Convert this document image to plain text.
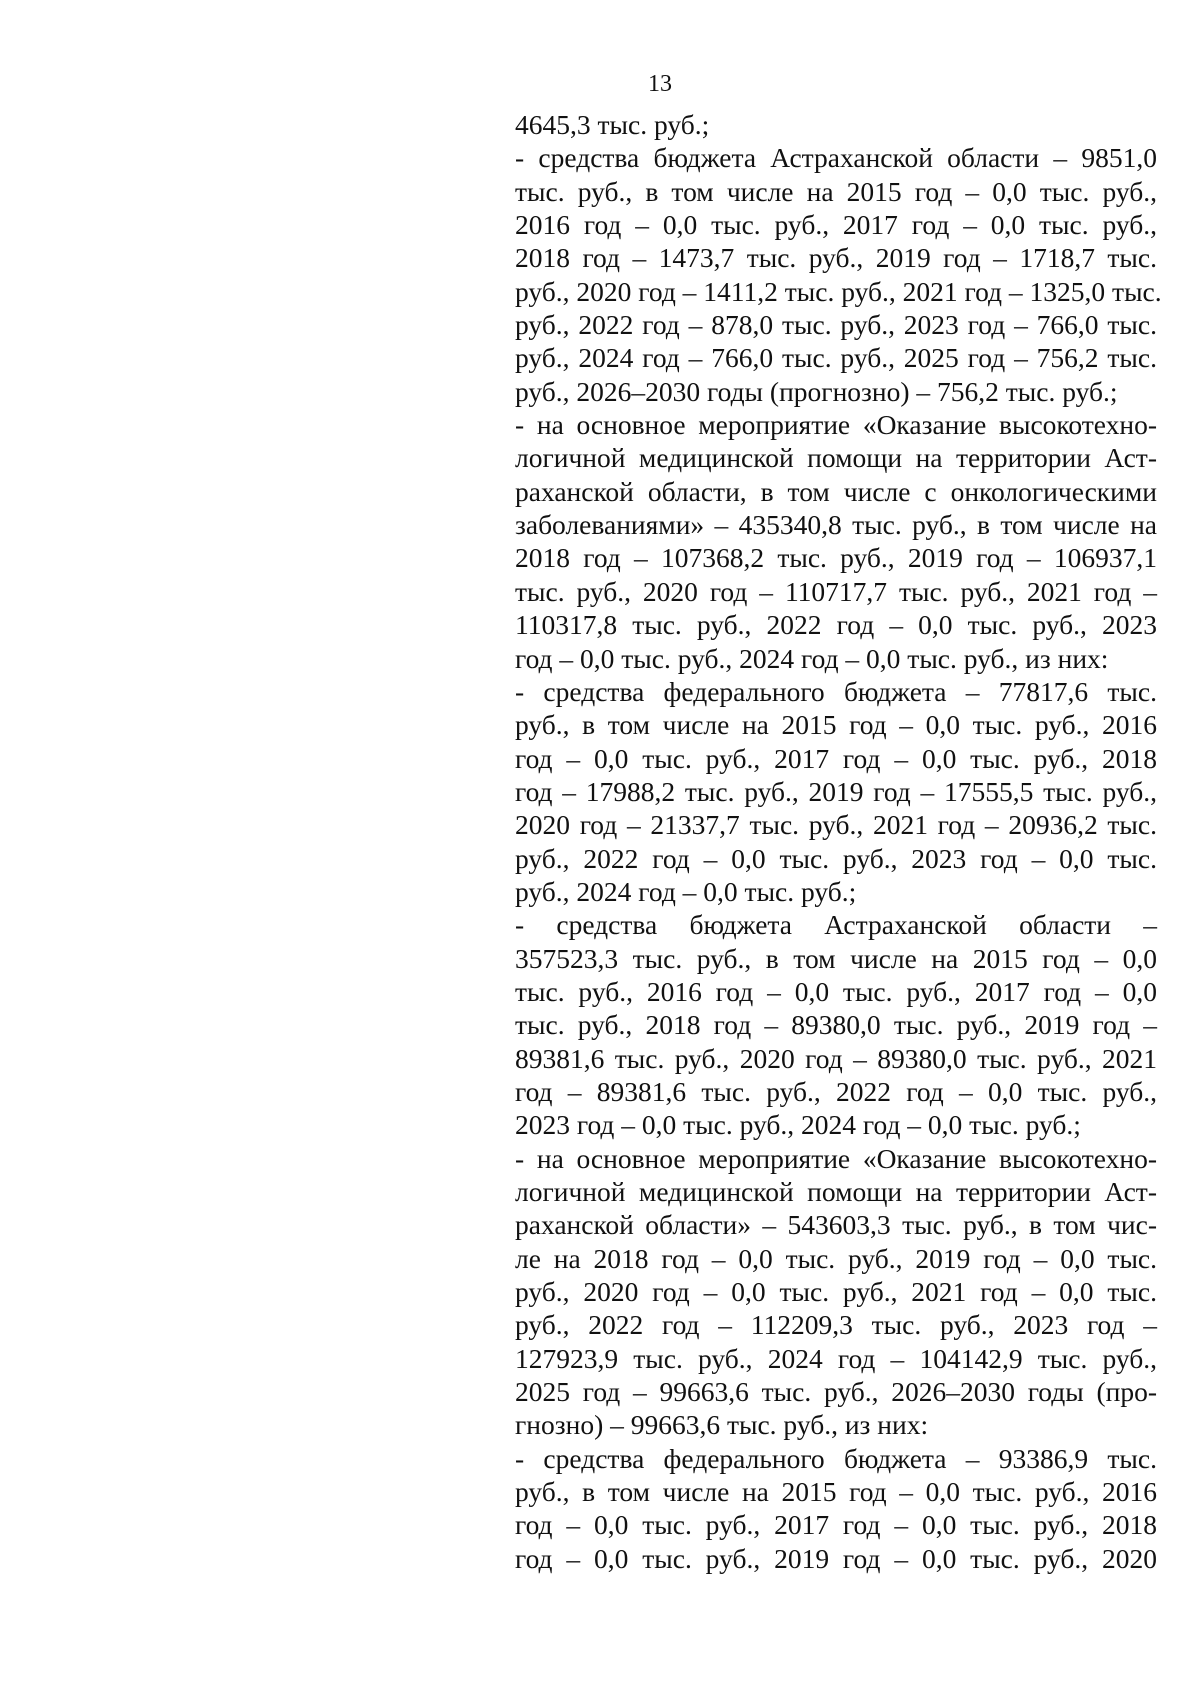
13
4645,3 тыс. руб.;
- средства бюджета Астраханской области – 9851,0
тыс. руб., в том числе на 2015 год – 0,0 тыс. руб.,
2016 год – 0,0 тыс. руб., 2017 год – 0,0 тыс. руб.,
2018 год – 1473,7 тыс. руб., 2019 год – 1718,7 тыс.
руб., 2020 год – 1411,2 тыс. руб., 2021 год – 1325,0 тыс.
руб., 2022 год – 878,0 тыс. руб., 2023 год – 766,0 тыс.
руб., 2024 год – 766,0 тыс. руб., 2025 год – 756,2 тыс.
руб., 2026–2030 годы (прогнозно) – 756,2 тыс. руб.;
- на основное мероприятие «Оказание высокотехно-
логичной медицинской помощи на территории Аст-
раханской области, в том числе с онкологическими
заболеваниями» – 435340,8 тыс. руб., в том числе на
2018 год – 107368,2 тыс. руб., 2019 год – 106937,1
тыс. руб., 2020 год – 110717,7 тыс. руб., 2021 год –
110317,8 тыс. руб., 2022 год – 0,0 тыс. руб., 2023
год – 0,0 тыс. руб., 2024 год – 0,0 тыс. руб., из них:
- средства федерального бюджета – 77817,6 тыс.
руб., в том числе на 2015 год – 0,0 тыс. руб., 2016
год – 0,0 тыс. руб., 2017 год – 0,0 тыс. руб., 2018
год – 17988,2 тыс. руб., 2019 год – 17555,5 тыс. руб.,
2020 год – 21337,7 тыс. руб., 2021 год – 20936,2 тыс.
руб., 2022 год – 0,0 тыс. руб., 2023 год – 0,0 тыс.
руб., 2024 год – 0,0 тыс. руб.;
- средства бюджета Астраханской области –
357523,3 тыс. руб., в том числе на 2015 год – 0,0
тыс. руб., 2016 год – 0,0 тыс. руб., 2017 год – 0,0
тыс. руб., 2018 год – 89380,0 тыс. руб., 2019 год –
89381,6 тыс. руб., 2020 год – 89380,0 тыс. руб., 2021
год – 89381,6 тыс. руб., 2022 год – 0,0 тыс. руб.,
2023 год – 0,0 тыс. руб., 2024 год – 0,0 тыс. руб.;
- на основное мероприятие «Оказание высокотехно-
логичной медицинской помощи на территории Аст-
раханской области» – 543603,3 тыс. руб., в том чис-
ле на 2018 год – 0,0 тыс. руб., 2019 год – 0,0 тыс.
руб., 2020 год – 0,0 тыс. руб., 2021 год – 0,0 тыс.
руб., 2022 год – 112209,3 тыс. руб., 2023 год –
127923,9 тыс. руб., 2024 год – 104142,9 тыс. руб.,
2025 год – 99663,6 тыс. руб., 2026–2030 годы (про-
гнозно) – 99663,6 тыс. руб., из них:
- средства федерального бюджета – 93386,9 тыс.
руб., в том числе на 2015 год – 0,0 тыс. руб., 2016
год – 0,0 тыс. руб., 2017 год – 0,0 тыс. руб., 2018
год – 0,0 тыс. руб., 2019 год – 0,0 тыс. руб., 2020
